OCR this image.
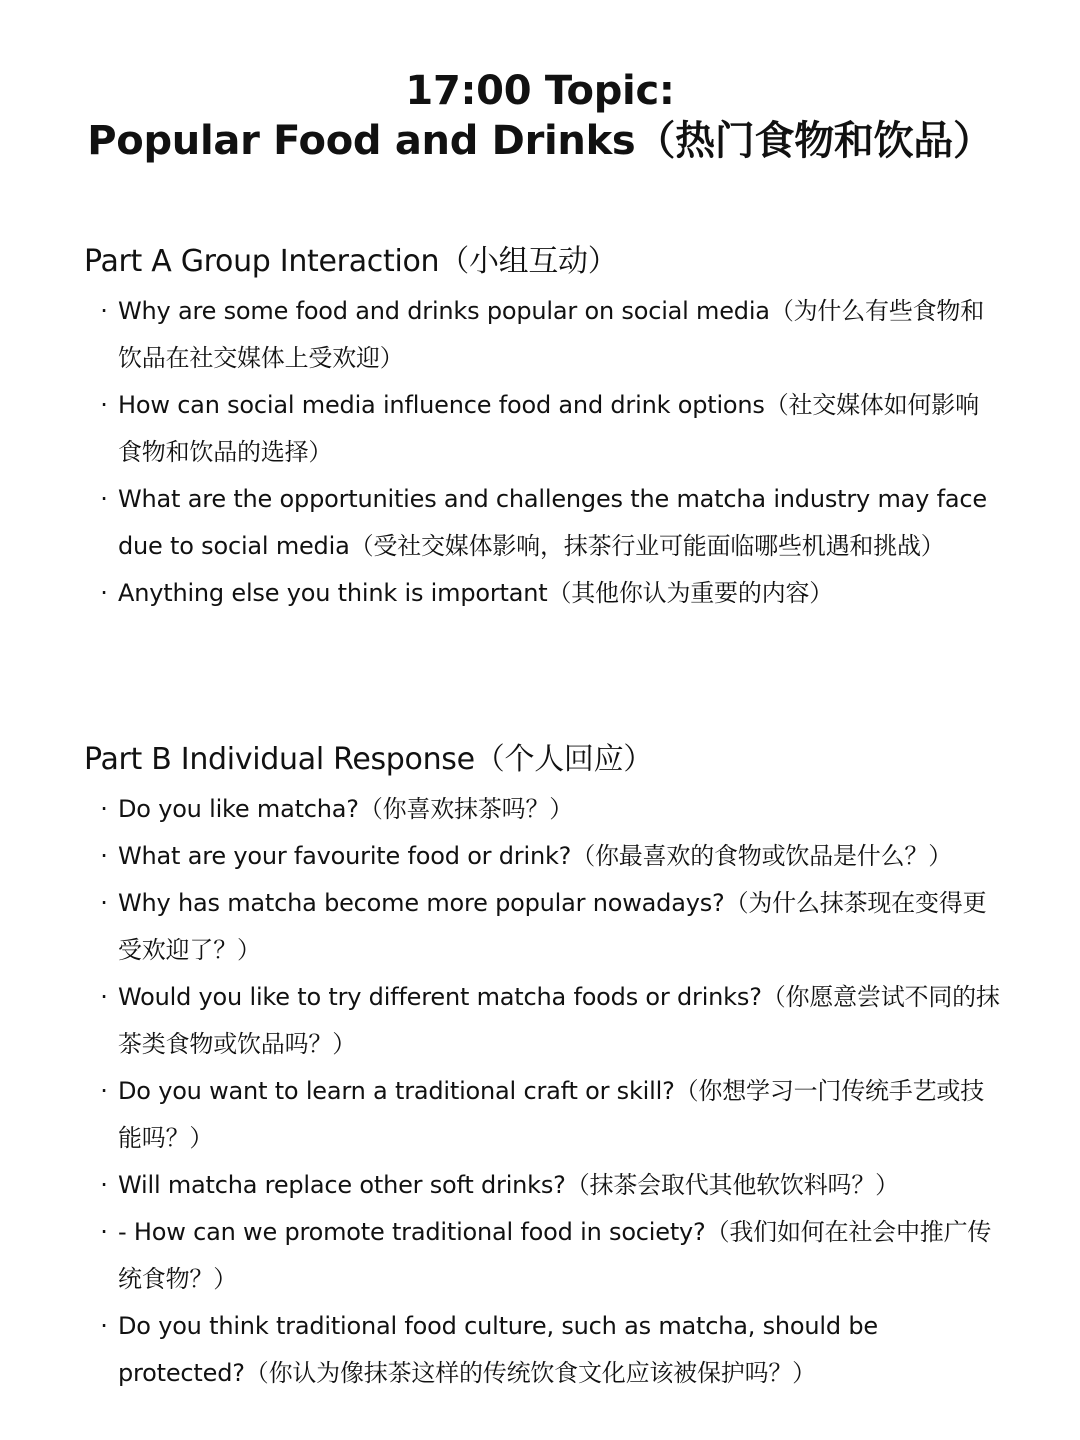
17:00 Topic:
Popular Food and Drinks（热门食物和饮品）
Part A Group Interaction（小组互动）
· Why are some food and drinks popular on social media（为什么有些食物和饮品在社交媒体上受欢迎）
· How can social media influence food and drink options（社交媒体如何影响食物和饮品的选择）
· What are the opportunities and challenges the matcha industry may face due to social media（受社交媒体影响，抹茶行业可能面临哪些机遇和挑战）
· Anything else you think is important（其他你认为重要的内容）
Part B Individual Response（个人回应）
· Do you like matcha?（你喜欢抹茶吗？）
· What are your favourite food or drink?（你最喜欢的食物或饮品是什么？）
· Why has matcha become more popular nowadays?（为什么抹茶现在变得更受欢迎了？）
· Would you like to try different matcha foods or drinks?（你愿意尝试不同的抹茶类食物或饮品吗？）
· Do you want to learn a traditional craft or skill?（你想学习一门传统手艺或技能吗？）
· Will matcha replace other soft drinks?（抹茶会取代其他软饮料吗？）
· - How can we promote traditional food in society?（我们如何在社会中推广传统食物？）
· Do you think traditional food culture, such as matcha, should be protected?（你认为像抹茶这样的传统饮食文化应该被保护吗？）
